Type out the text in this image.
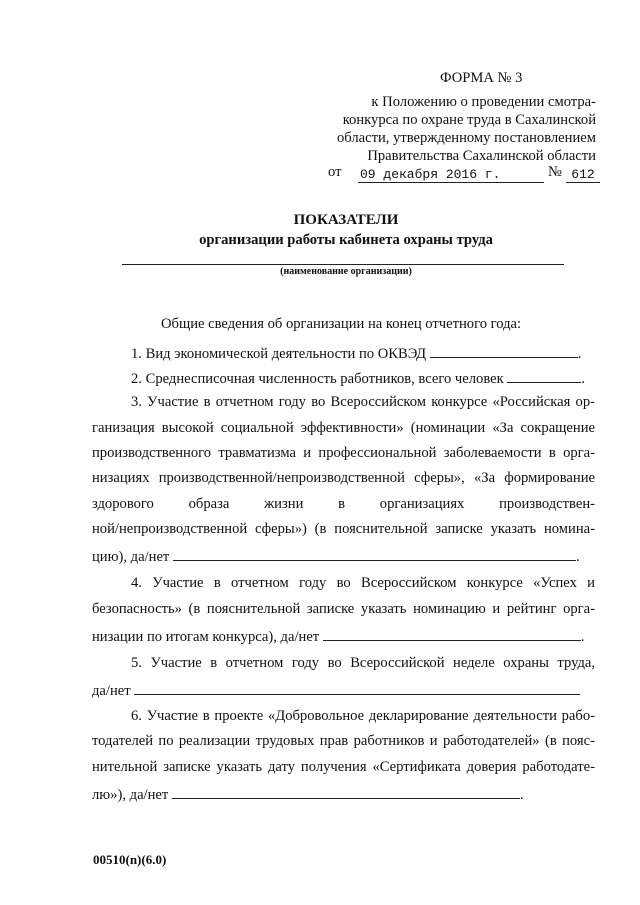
ФОРМА № 3
к Положению о проведении смотра-
конкурса по охране труда в Сахалинской
области, утвержденному постановлением
Правительства Сахалинской области
от 09 декабря 2016 г.	№ 612
ПОКАЗАТЕЛИ
организации работы кабинета охраны труда
(наименование организации)
Общие сведения об организации на конец отчетного года:
1. Вид экономической деятельности по ОКВЭД	.
2. Среднесписочная численность работников, всего человек	.
3. Участие в отчетном году во Всероссийском конкурсе «Российская ор-
ганизация высокой социальной эффективности» (номинации «За сокращение
производственного травматизма и профессиональной заболеваемости в орга-
низациях производственной/непроизводственной сферы», «За формирование
здорового образа жизни в организациях производствен-
ной/непроизводственной сферы») (в пояснительной записке указать номина-
цию), да/нет	.
4. Участие в отчетном году во Всероссийском конкурсе «Успех и
безопасность» (в пояснительной записке указать номинацию и рейтинг орга-
низации по итогам конкурса), да/нет	.
5. Участие в отчетном году во Всероссийской неделе охраны труда,
да/нет
6. Участие в проекте «Добровольное декларирование деятельности рабо-
тодателей по реализации трудовых прав работников и работодателей» (в пояс-
нительной записке указать дату получения «Сертификата доверия работодате-
лю»), да/нет	.
00510(n)(6.0)
